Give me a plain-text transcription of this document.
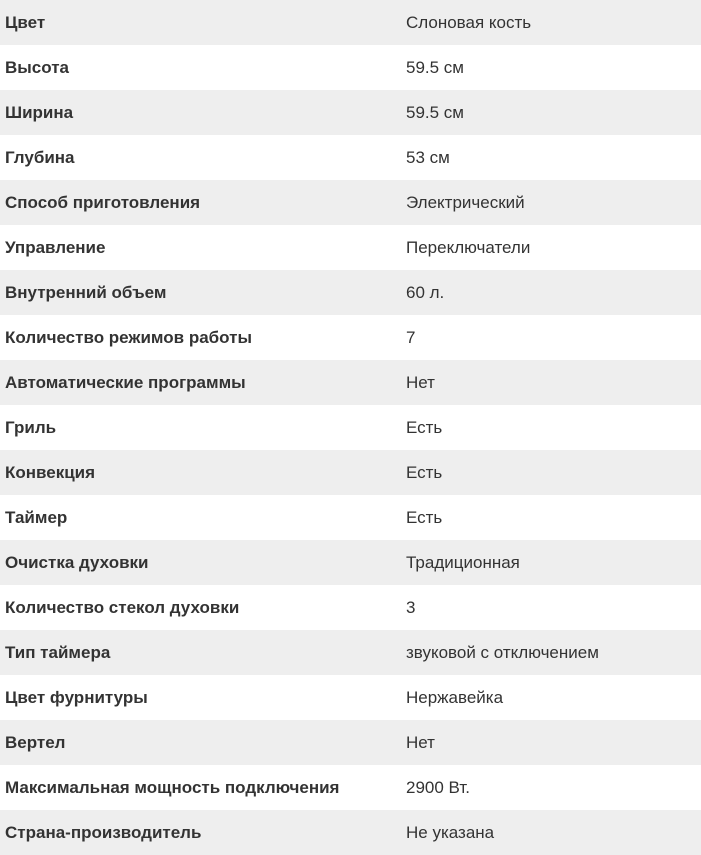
Цвет	Слоновая кость
Высота	59.5 см
Ширина	59.5 см
Глубина	53 см
Способ приготовления	Электрический
Управление	Переключатели
Внутренний объем	60 л.
Количество режимов работы	7
Автоматические программы	Нет
Гриль	Есть
Конвекция	Есть
Таймер	Есть
Очистка духовки	Традиционная
Количество стекол духовки	3
Тип таймера	звуковой с отключением
Цвет фурнитуры	Нержавейка
Вертел	Нет
Максимальная мощность подключения	2900 Вт.
Страна-производитель	Не указана
